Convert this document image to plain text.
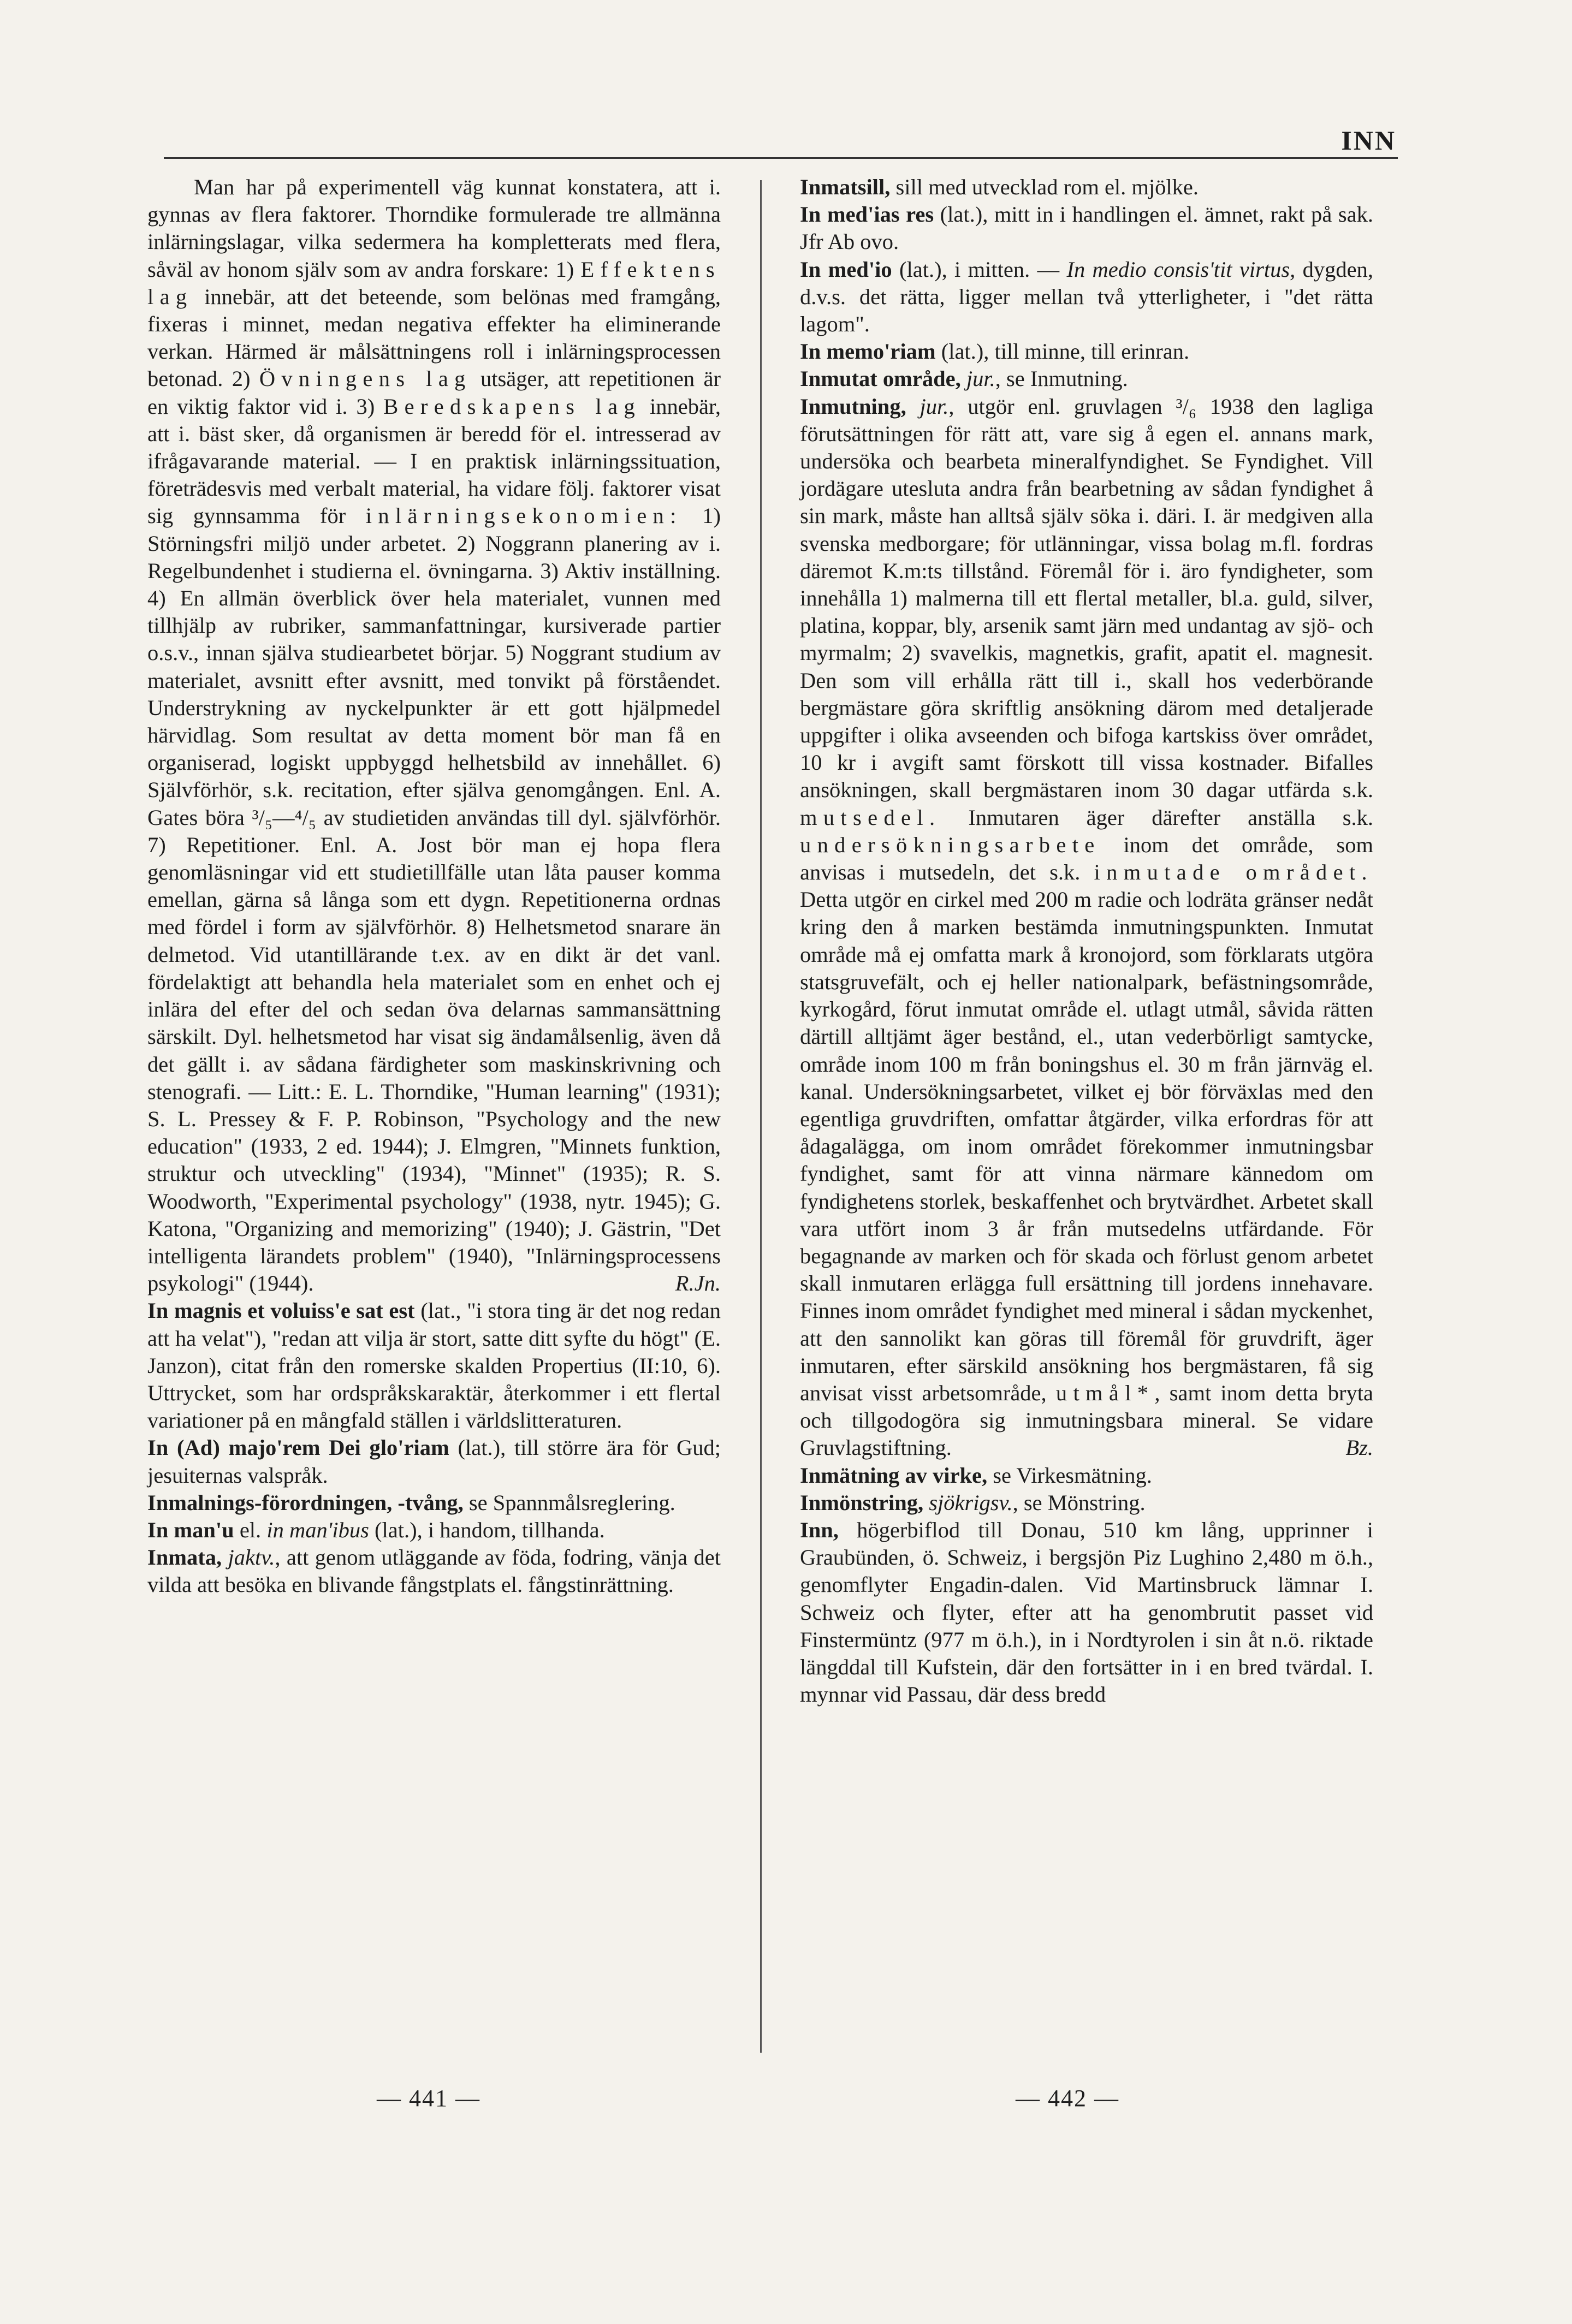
INN

Man har på experimentell väg kunnat konstatera, att i. gynnas av flera faktorer. Thorndike formulerade tre allmänna inlärningslagar, vilka sedermera ha kompletterats med flera, såväl av honom själv som av andra forskare: 1) Effektens lag innebär, att det beteende, som belönas med framgång, fixeras i minnet, medan negativa effekter ha eliminerande verkan. Härmed är målsättningens roll i inlärningsprocessen betonad. 2) Övningens lag utsäger, att repetitionen är en viktig faktor vid i. 3) Beredskapens lag innebär, att i. bäst sker, då organismen är beredd för el. intresserad av ifrågavarande material. — I en praktisk inlärningssituation, företrädesvis med verbalt material, ha vidare följ. faktorer visat sig gynnsamma för inlärningsekonomien: 1) Störningsfri miljö under arbetet. 2) Noggrann planering av i. Regelbundenhet i studierna el. övningarna. 3) Aktiv inställning. 4) En allmän överblick över hela materialet, vunnen med tillhjälp av rubriker, sammanfattningar, kursiverade partier o.s.v., innan själva studiearbetet börjar. 5) Noggrant studium av materialet, avsnitt efter avsnitt, med tonvikt på förståendet. Understrykning av nyckelpunkter är ett gott hjälpmedel härvidlag. Som resultat av detta moment bör man få en organiserad, logiskt uppbyggd helhetsbild av innehållet. 6) Självförhör, s.k. recitation, efter själva genomgången. Enl. A. Gates böra ³/₅—⁴/₅ av studietiden användas till dyl. självförhör. 7) Repetitioner. Enl. A. Jost bör man ej hopa flera genomläsningar vid ett studietillfälle utan låta pauser komma emellan, gärna så långa som ett dygn. Repetitionerna ordnas med fördel i form av självförhör. 8) Helhetsmetod snarare än delmetod. Vid utantillärande t.ex. av en dikt är det vanl. fördelaktigt att behandla hela materialet som en enhet och ej inlära del efter del och sedan öva delarnas sammansättning särskilt. Dyl. helhetsmetod har visat sig ändamålsenlig, även då det gällt i. av sådana färdigheter som maskinskrivning och stenografi. — Litt.: E. L. Thorndike, "Human learning" (1931); S. L. Pressey & F. P. Robinson, "Psychology and the new education" (1933, 2 ed. 1944); J. Elmgren, "Minnets funktion, struktur och utveckling" (1934), "Minnet" (1935); R. S. Woodworth, "Experimental psychology" (1938, nytr. 1945); G. Katona, "Organizing and memorizing" (1940); J. Gästrin, "Det intelligenta lärandets problem" (1940), "Inlärningsprocessens psykologi" (1944).	R.Jn.

In magnis et voluiss'e sat est (lat., "i stora ting är det nog redan att ha velat"), "redan att vilja är stort, satte ditt syfte du högt" (E. Janzon), citat från den romerske skalden Propertius (II:10, 6). Uttrycket, som har ordspråkskaraktär, återkommer i ett flertal variationer på en mångfald ställen i världslitteraturen.

In (Ad) majo'rem Dei glo'riam (lat.), till större ära för Gud; jesuiternas valspråk.

Inmalnings-förordningen, -tvång, se Spannmålsreglering.

In man'u el. in man'ibus (lat.), i handom, tillhanda.

Inmata, jaktv., att genom utläggande av föda, fodring, vänja det vilda att besöka en blivande fångstplats el. fångstinrättning.

Inmatsill, sill med utvecklad rom el. mjölke.

In med'ias res (lat.), mitt in i handlingen el. ämnet, rakt på sak. Jfr Ab ovo.

In med'io (lat.), i mitten. — In medio consis'tit virtus, dygden, d.v.s. det rätta, ligger mellan två ytterligheter, i "det rätta lagom".

In memo'riam (lat.), till minne, till erinran.

Inmutat område, jur., se Inmutning.

Inmutning, jur., utgör enl. gruvlagen ³/₆ 1938 den lagliga förutsättningen för rätt att, vare sig å egen el. annans mark, undersöka och bearbeta mineralfyndighet. Se Fyndighet. Vill jordägare utesluta andra från bearbetning av sådan fyndighet å sin mark, måste han alltså själv söka i. däri. I. är medgiven alla svenska medborgare; för utlänningar, vissa bolag m.fl. fordras däremot K.m:ts tillstånd. Föremål för i. äro fyndigheter, som innehålla 1) malmerna till ett flertal metaller, bl.a. guld, silver, platina, koppar, bly, arsenik samt järn med undantag av sjö- och myrmalm; 2) svavelkis, magnetkis, grafit, apatit el. magnesit. Den som vill erhålla rätt till i., skall hos vederbörande bergmästare göra skriftlig ansökning därom med detaljerade uppgifter i olika avseenden och bifoga kartskiss över området, 10 kr i avgift samt förskott till vissa kostnader. Bifalles ansökningen, skall bergmästaren inom 30 dagar utfärda s.k. mutsedel. Inmutaren äger därefter anställa s.k. undersökningsarbete inom det område, som anvisas i mutsedeln, det s.k. inmutade området. Detta utgör en cirkel med 200 m radie och lodräta gränser nedåt kring den å marken bestämda inmutningspunkten. Inmutat område må ej omfatta mark å kronojord, som förklarats utgöra statsgruvefält, och ej heller nationalpark, befästningsområde, kyrkogård, förut inmutat område el. utlagt utmål, såvida rätten därtill alltjämt äger bestånd, el., utan vederbörligt samtycke, område inom 100 m från boningshus el. 30 m från järnväg el. kanal. Undersökningsarbetet, vilket ej bör förväxlas med den egentliga gruvdriften, omfattar åtgärder, vilka erfordras för att ådagalägga, om inom området förekommer inmutningsbar fyndighet, samt för att vinna närmare kännedom om fyndighetens storlek, beskaffenhet och brytvärdhet. Arbetet skall vara utfört inom 3 år från mutsedelns utfärdande. För begagnande av marken och för skada och förlust genom arbetet skall inmutaren erlägga full ersättning till jordens innehavare. Finnes inom området fyndighet med mineral i sådan myckenhet, att den sannolikt kan göras till föremål för gruvdrift, äger inmutaren, efter särskild ansökning hos bergmästaren, få sig anvisat visst arbetsområde, utmål*, samt inom detta bryta och tillgodogöra sig inmutningsbara mineral. Se vidare Gruvlagstiftning.	Bz.

Inmätning av virke, se Virkesmätning.

Inmönstring, sjökrigsv., se Mönstring.

Inn, högerbiflod till Donau, 510 km lång, upprinner i Graubünden, ö. Schweiz, i bergsjön Piz Lughino 2,480 m ö.h., genomflyter Engadin-dalen. Vid Martinsbruck lämnar I. Schweiz och flyter, efter att ha genombrutit passet vid Finstermüntz (977 m ö.h.), in i Nordtyrolen i sin åt n.ö. riktade längddal till Kufstein, där den fortsätter in i en bred tvärdal. I. mynnar vid Passau, där dess bredd

— 441 —	— 442 —
